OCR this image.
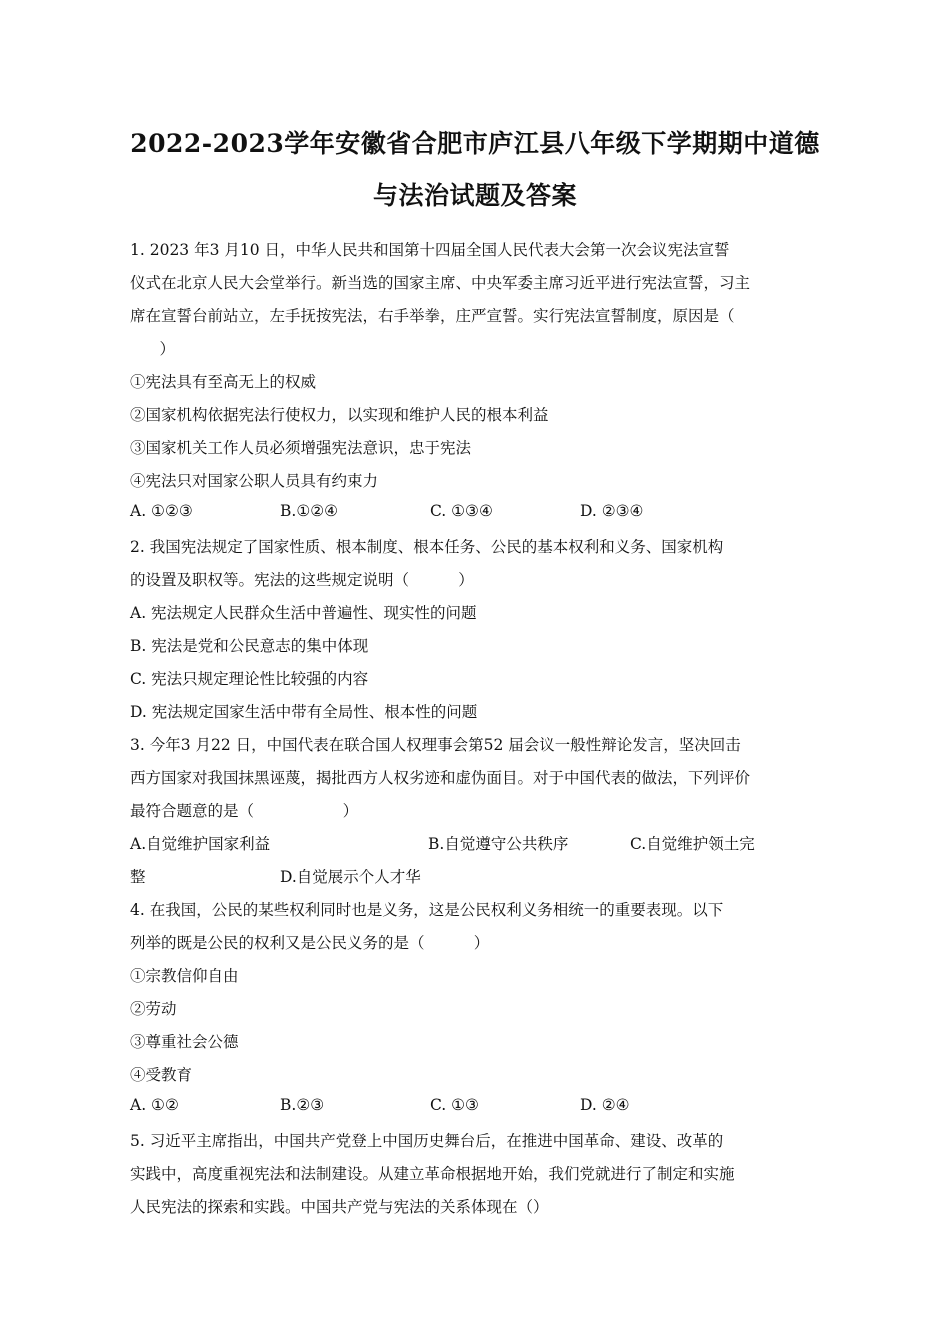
2022-2023学年安徽省合肥市庐江县八年级下学期期中道德
与法治试题及答案
1. 2023 年3 月10 日，中华人民共和国第十四届全国人民代表大会第一次会议宪法宣誓
仪式在北京人民大会堂举行。新当选的国家主席、中央军委主席习近平进行宪法宣誓，习主
席在宣誓台前站立，左手抚按宪法，右手举拳，庄严宣誓。实行宪法宣誓制度，原因是（
）
①宪法具有至高无上的权威
②国家机构依据宪法行使权力，以实现和维护人民的根本利益
③国家机关工作人员必须增强宪法意识，忠于宪法
④宪法只对国家公职人员具有约束力
A. ①②③	B.①②④	C. ①③④	D. ②③④
2. 我国宪法规定了国家性质、根本制度、根本任务、公民的基本权利和义务、国家机构
的设置及职权等。宪法的这些规定说明（          ）
A. 宪法规定人民群众生活中普遍性、现实性的问题
B. 宪法是党和公民意志的集中体现
C. 宪法只规定理论性比较强的内容
D. 宪法规定国家生活中带有全局性、根本性的问题
3. 今年3 月22 日，中国代表在联合国人权理事会第52 届会议一般性辩论发言，坚决回击
西方国家对我国抹黑诬蔑，揭批西方人权劣迹和虚伪面目。对于中国代表的做法，下列评价
最符合题意的是（                  ）
A.自觉维护国家利益	B.自觉遵守公共秩序	C.自觉维护领土完
整	D.自觉展示个人才华
4. 在我国，公民的某些权利同时也是义务，这是公民权利义务相统一的重要表现。以下
列举的既是公民的权利又是公民义务的是（          ）
①宗教信仰自由
②劳动
③尊重社会公德
④受教育
A. ①②	B.②③	C. ①③	D. ②④
5. 习近平主席指出，中国共产党登上中国历史舞台后，在推进中国革命、建设、改革的
实践中，高度重视宪法和法制建设。从建立革命根据地开始，我们党就进行了制定和实施
人民宪法的探索和实践。中国共产党与宪法的关系体现在（）
